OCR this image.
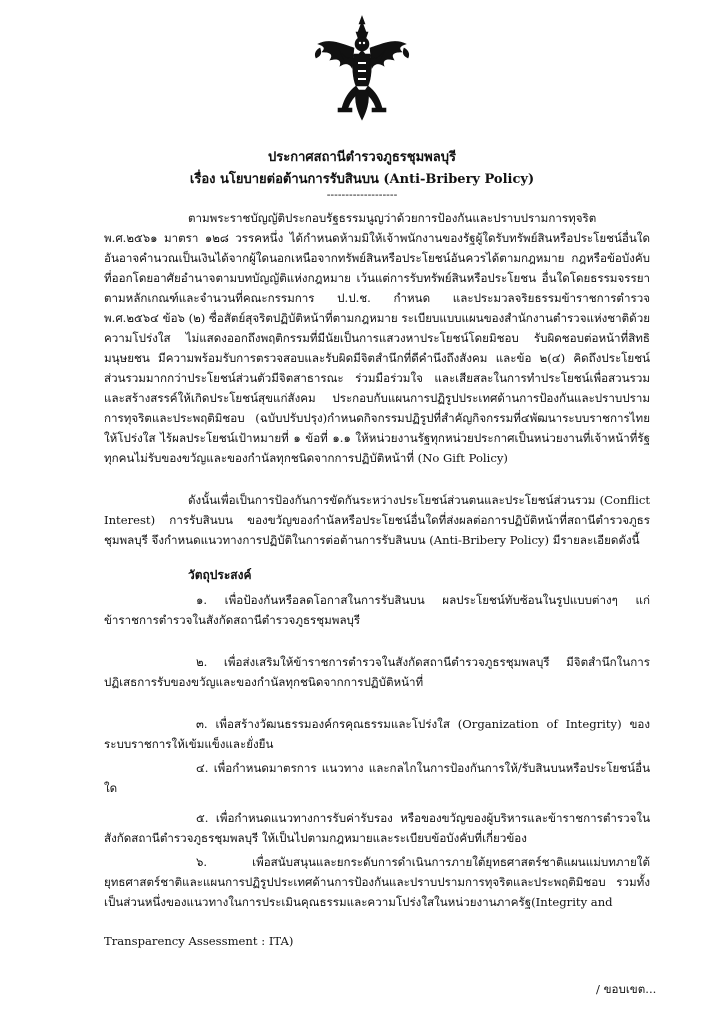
ประกาศสถานีตำรวจภูธรชุมพลบุรี
เรื่อง นโยบายต่อต้านการรับสินบน (Anti-Bribery Policy)
-------------------
ตามพระราชบัญญัติประกอบรัฐธรรมนูญว่าด้วยการป้องกันและปราบปรามการทุจริต พ.ศ.๒๕๖๑ มาตรา ๑๒๘ วรรคหนึ่ง ได้กำหนดห้ามมิให้เจ้าพนักงานของรัฐผู้ใดรับทรัพย์สินหรือประโยชน์อื่นใดอันอาจคำนวณเป็นเงินได้จากผู้ใดนอกเหนือจากทรัพย์สินหรือประโยชน์อันควรได้ตามกฎหมาย กฎหรือข้อบังคับที่ออกโดยอาศัยอำนาจตามบทบัญญัติแห่งกฎหมาย เว้นแต่การรับทรัพย์สินหรือประโยชน อื่นใดโดยธรรมจรรยา ตามหลักเกณฑ์และจำนวนที่คณะกรรมการ ป.ป.ช. กำหนด และประมวลจริยธรรมข้าราชการตำรวจ พ.ศ.๒๕๖๔ ข้อ๖ (๒) ซื่อสัตย์สุจริตปฏิบัติหน้าที่ตามกฎหมาย ระเบียบแบบแผนของสำนักงานตำรวจแห่งชาติด้วยความโปร่งใส ไม่แสดงออกถึงพฤติกรรมที่มีนัยเป็นการแสวงหาประโยชน์โดยมิชอบ รับผิดชอบต่อหน้าที่สิทธิมนุษยชน มีความพร้อมรับการตรวจสอบและรับผิดมีจิตสำนึกที่ดีคำนึงถึงสังคม และข้อ ๒(๔) คิดถึงประโยชน์ส่วนรวมมากกว่าประโยชน์ส่วนตัวมีจิตสาธารณะ ร่วมมือร่วมใจ และเสียสละในการทำประโยชน์เพื่อสวนรวมและสร้างสรรค์ให้เกิดประโยชน์สุขแก่สังคม ประกอบกับแผนการปฏิรูปประเทศด้านการป้องกันและปราบปรามการทุจริตและประพฤติมิชอบ (ฉบับปรับปรุง)กำหนดกิจกรรมปฏิรูปที่สำคัญกิจกรรมที่๔พัฒนาระบบราชการไทยให้โปร่งใส ไร้ผลประโยชน์เป้าหมายที่ ๑ ข้อที่ ๑.๑ ให้หน่วยงานรัฐทุกหน่วยประกาศเป็นหน่วยงานที่เจ้าหน้าที่รัฐทุกคนไม่รับของขวัญและของกำนัลทุกชนิดจากการปฏิบัติหน้าที่ (No Gift Policy)
ดังนั้นเพื่อเป็นการป้องกันการขัดกันระหว่างประโยชน์ส่วนตนและประโยชน์ส่วนรวม (Conflict Interest) การรับสินบน ของขวัญของกำนัลหรือประโยชน์อื่นใดที่ส่งผลต่อการปฏิบัติหน้าที่สถานีตำรวจภูธรชุมพลบุรี จึงกำหนดแนวทางการปฏิบัติในการต่อต้านการรับสินบน (Anti-Bribery Policy) มีรายละเอียดดังนี้
วัตถุประสงค์
๑. เพื่อป้องกันหรือลดโอกาสในการรับสินบน ผลประโยชน์ทับซ้อนในรูปแบบต่างๆ แก่ข้าราชการตำรวจในสังกัดสถานีตำรวจภูธรชุมพลบุรี
๒. เพื่อส่งเสริมให้ข้าราชการตำรวจในสังกัดสถานีตำรวจภูธรชุมพลบุรี มีจิตสำนึกในการปฏิเสธการรับของขวัญและของกำนัลทุกชนิดจากการปฏิบัติหน้าที่
๓. เพื่อสร้างวัฒนธรรมองค์กรคุณธรรมและโปร่งใส (Organization of Integrity) ของระบบราชการให้เข้มแข็งและยั่งยืน
๔. เพื่อกำหนดมาตรการ แนวทาง และกลไกในการป้องกันการให้/รับสินบนหรือประโยชน์อื่นใด
๕. เพื่อกำหนดแนวทางการรับค่ารับรอง หรือของขวัญของผู้บริหารและข้าราชการตำรวจในสังกัดสถานีตำรวจภูธรชุมพลบุรี ให้เป็นไปตามกฎหมายและระเบียบข้อบังคับที่เกี่ยวข้อง
๖. เพื่อสนับสนุนและยกระดับการดำเนินการภายใต้ยุทธศาสตร์ชาติแผนแม่บทภายใต้ยุทธศาสตร์ชาติและแผนการปฏิรูปประเทศด้านการป้องกันและปราบปรามการทุจริตและประพฤติมิชอบ รวมทั้งเป็นส่วนหนึ่งของแนวทางในการประเมินคุณธรรมและความโปร่งใสในหน่วยงานภาครัฐ(Integrity and
Transparency Assessment : ITA)
/ ขอบเขต...
